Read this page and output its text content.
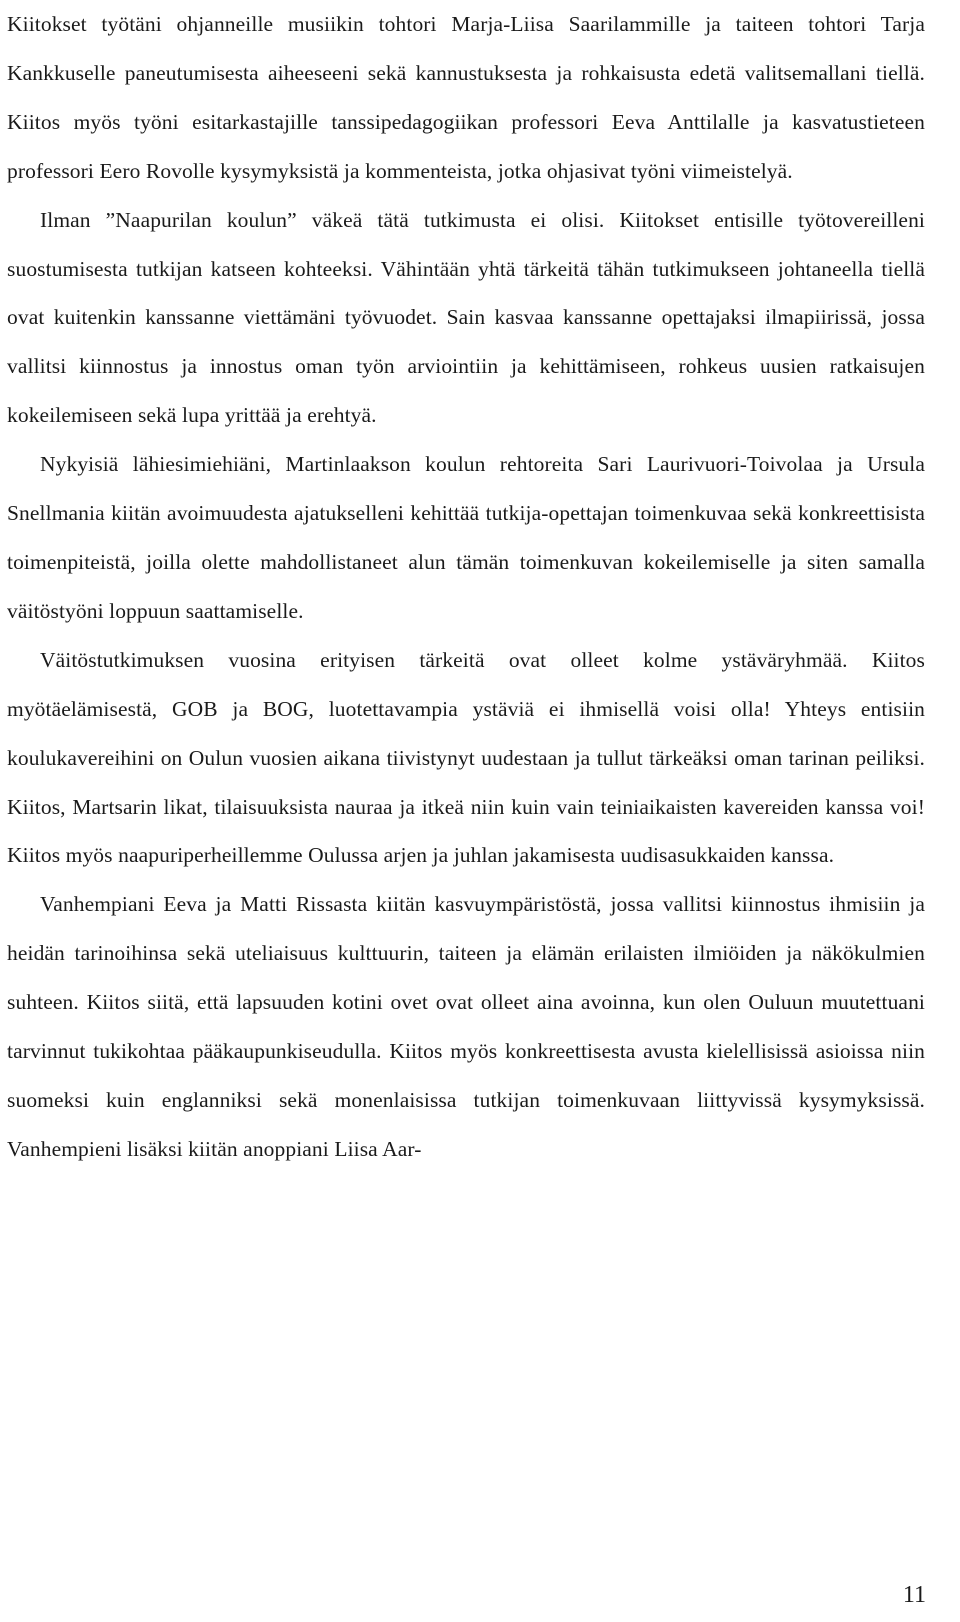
Kiitokset työtäni ohjanneille musiikin tohtori Marja-Liisa Saarilammille ja taiteen tohtori Tarja Kankkuselle paneutumisesta aiheeseeni sekä kannustuksesta ja rohkaisusta edetä valitsemallani tiellä. Kiitos myös työni esitarkastajille tanssipedagogiikan professori Eeva Anttilalle ja kasvatustieteen professori Eero Rovolle kysymyksistä ja kommenteista, jotka ohjasivat työni viimeistelyä.

Ilman ”Naapurilan koulun” väkeä tätä tutkimusta ei olisi. Kiitokset entisille työtovereilleni suostumisesta tutkijan katseen kohteeksi. Vähintään yhtä tärkeitä tähän tutkimukseen johtaneella tiellä ovat kuitenkin kanssanne viettämäni työvuodet. Sain kasvaa kanssanne opettajaksi ilmapiirissä, jossa vallitsi kiinnostus ja innostus oman työn arviointiin ja kehittämiseen, rohkeus uusien ratkaisujen kokeilemiseen sekä lupa yrittää ja erehtyä.

Nykyisiä lähiesimiehiäni, Martinlaakson koulun rehtoreita Sari Laurivuori-Toivolaa ja Ursula Snellmania kiitän avoimuudesta ajatukselleni kehittää tutkija-opettajan toimenkuvaa sekä konkreettisista toimenpiteistä, joilla olette mahdollistaneet alun tämän toimenkuvan kokeilemiselle ja siten samalla väitöstyöni loppuun saattamiselle.

Väitöstutkimuksen vuosina erityisen tärkeitä ovat olleet kolme ystäväryhmää. Kiitos myötäelämisestä, GOB ja BOG, luotettavampia ystäviä ei ihmisellä voisi olla! Yhteys entisiin koulukavereihini on Oulun vuosien aikana tiivistynyt uudestaan ja tullut tärkeäksi oman tarinan peiliksi. Kiitos, Martsarin likat, tilaisuuksista nauraa ja itkeä niin kuin vain teiniaikaisten kavereiden kanssa voi! Kiitos myös naapuriperheillemme Oulussa arjen ja juhlan jakamisesta uudisasukkaiden kanssa.

Vanhempiani Eeva ja Matti Rissasta kiitän kasvuympäristöstä, jossa vallitsi kiinnostus ihmisiin ja heidän tarinoihinsa sekä uteliaisuus kulttuurin, taiteen ja elämän erilaisten ilmiöiden ja näkökulmien suhteen. Kiitos siitä, että lapsuuden kotini ovet ovat olleet aina avoinna, kun olen Ouluun muutettuani tarvinnut tukikohtaa pääkaupunkiseudulla. Kiitos myös konkreettisesta avusta kielellisissä asioissa niin suomeksi kuin englanniksi sekä monenlaisissa tutkijan toimenkuvaan liittyvissä kysymyksissä. Vanhempieni lisäksi kiitän anoppiani Liisa Aar-

11
